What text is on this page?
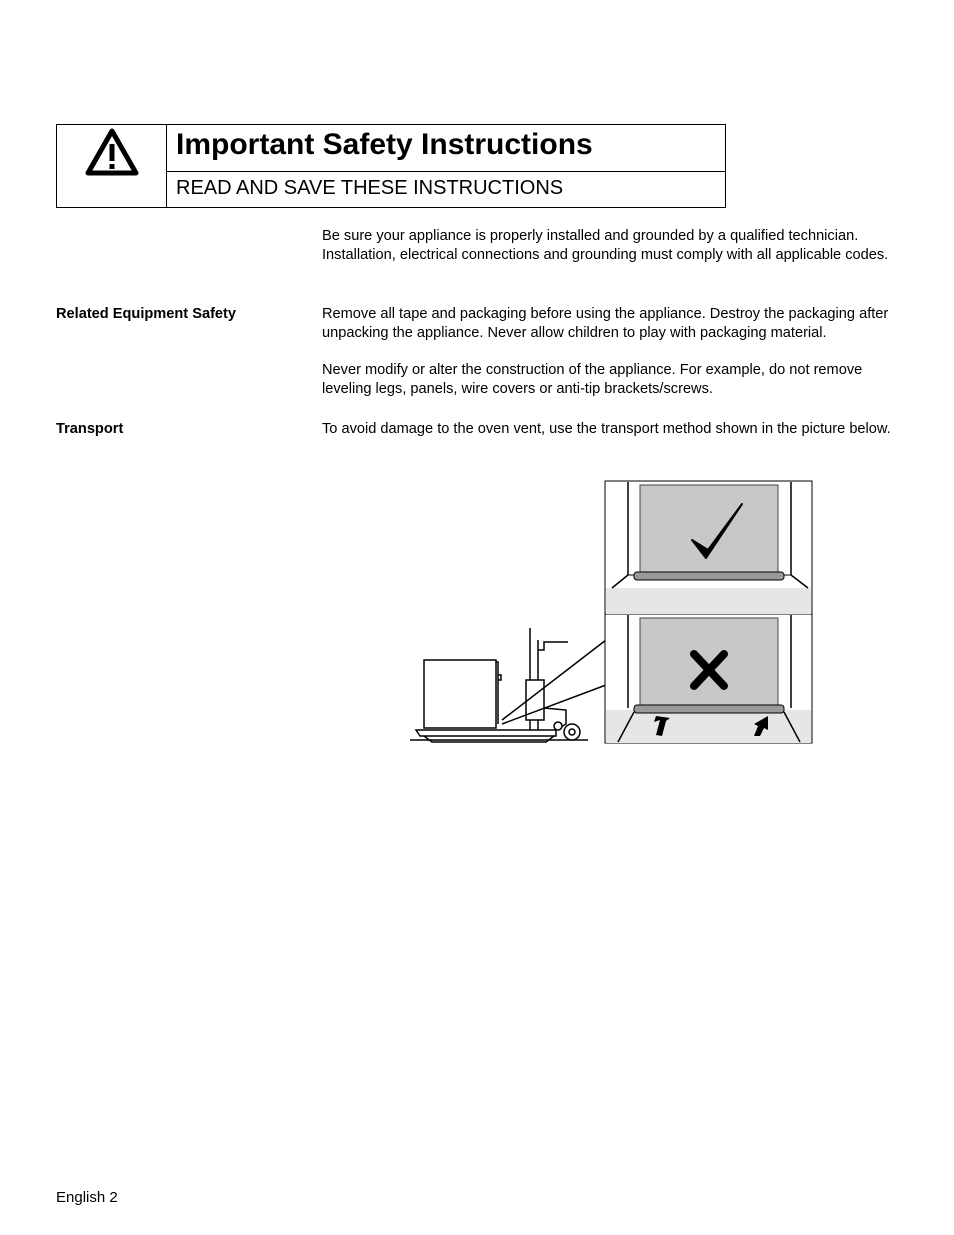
Important Safety Instructions
READ AND SAVE THESE INSTRUCTIONS
Be sure your appliance is properly installed and grounded by a qualified technician. Installation, electrical connections and grounding must comply with all applicable codes.
Related Equipment Safety	Remove all tape and packaging before using the appliance. Destroy the packaging after unpacking the appliance. Never allow children to play with packaging material.
Never modify or alter the construction of the appliance. For example, do not remove leveling legs, panels, wire covers or anti-tip brackets/screws.
Transport	To avoid damage to the oven vent, use the transport method shown in the picture below.
English 2
